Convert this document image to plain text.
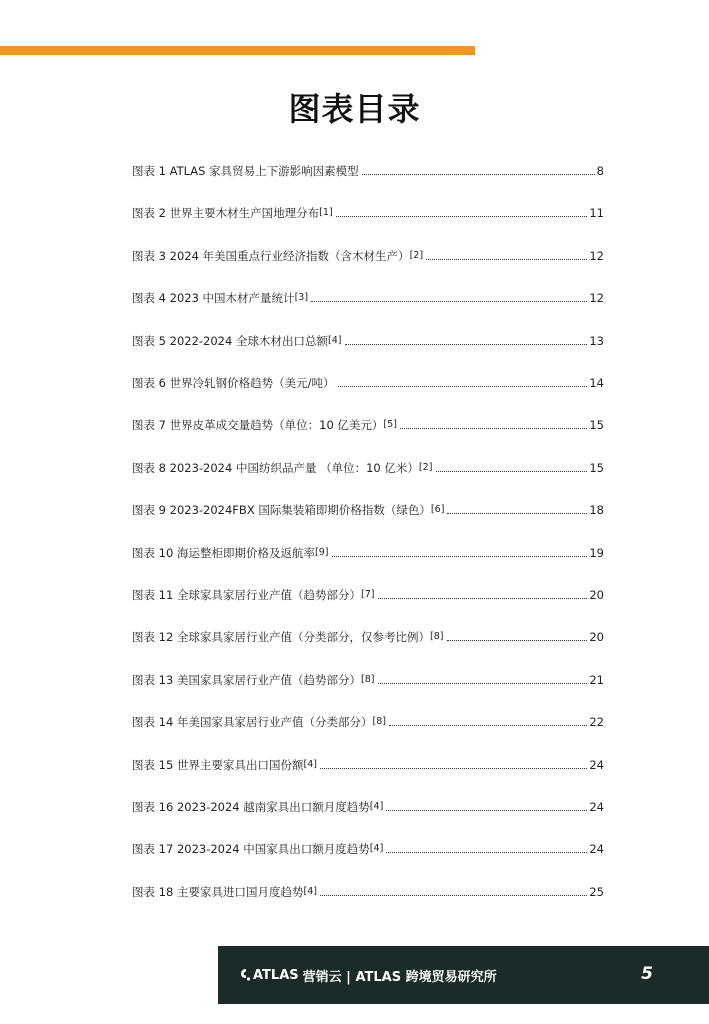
图表目录
图表 1 ATLAS 家具贸易上下游影响因素模型	8
图表 2 世界主要木材生产国地理分布 [1]	11
图表 3 2024 年美国重点行业经济指数（含木材生产） [2]	12
图表 4 2023 中国木材产量统计 [3]	12
图表 5 2022-2024 全球木材出口总额 [4]	13
图表 6 世界冷轧钢价格趋势（美元/吨）	14
图表 7 世界皮革成交量趋势（单位：10 亿美元） [5]	15
图表 8 2023-2024 中国纺织品产量 （单位：10 亿米） [2]	15
图表 9 2023-2024FBX 国际集装箱即期价格指数（绿色） [6]	18
图表 10 海运整柜即期价格及返航率 [9]	19
图表 11 全球家具家居行业产值（趋势部分） [7]	20
图表 12 全球家具家居行业产值（分类部分，仅参考比例） [8]	20
图表 13 美国家具家居行业产值（趋势部分） [8]	21
图表 14 年美国家具家居行业产值（分类部分） [8]	22
图表 15 世界主要家具出口国份额 [4]	24
图表 16 2023-2024 越南家具出口额月度趋势 [4]	24
图表 17 2023-2024 中国家具出口额月度趋势 [4]	24
图表 18 主要家具进口国月度趋势 [4]	25
ATLAS 营销云 | ATLAS 跨境贸易研究所	5
